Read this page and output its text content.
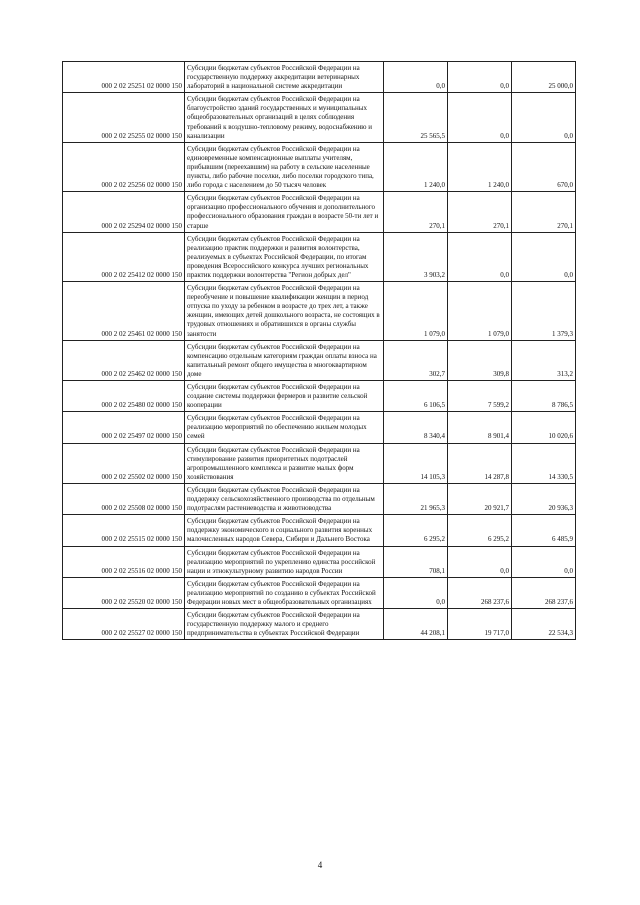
000 2 02 25251 02 0000 150	Субсидии бюджетам субъектов Российской Федерации на государственную поддержку аккредитации ветеринарных лабораторий в национальной системе аккредитации	0,0	0,0	25 000,0
000 2 02 25255 02 0000 150	Субсидии бюджетам субъектов Российской Федерации на благоустройство зданий государственных и муниципальных общеобразовательных организаций в целях соблюдения требований к воздушно-тепловому режиму, водоснабжению и канализации	25 565,5	0,0	0,0
000 2 02 25256 02 0000 150	Субсидии бюджетам субъектов Российской Федерации на единовременные компенсационные выплаты учителям, прибывшим (переехавшим) на работу в сельские населенные пункты, либо рабочие поселки, либо поселки городского типа, либо города с населением до 50 тысяч человек	1 240,0	1 240,0	670,0
000 2 02 25294 02 0000 150	Субсидии бюджетам субъектов Российской Федерации на организацию профессионального обучения и дополнительного профессионального образования граждан в возрасте 50-ти лет и старше	270,1	270,1	270,1
000 2 02 25412 02 0000 150	Субсидии бюджетам субъектов Российской Федерации на реализацию практик поддержки и развития волонтерства, реализуемых в субъектах Российской Федерации, по итогам проведения Всероссийского конкурса лучших региональных практик поддержки волонтерства "Регион добрых дел"	3 903,2	0,0	0,0
000 2 02 25461 02 0000 150	Субсидии бюджетам субъектов Российской Федерации на переобучение и повышение квалификации женщин в период отпуска по уходу за ребенком в возрасте до трех лет, а также женщин, имеющих детей дошкольного возраста, не состоящих в трудовых отношениях и обратившихся в органы службы занятости	1 079,0	1 079,0	1 379,3
000 2 02 25462 02 0000 150	Субсидии бюджетам субъектов Российской Федерации на компенсацию отдельным категориям граждан оплаты взноса на капитальный ремонт общего имущества в многоквартирном доме	302,7	309,8	313,2
000 2 02 25480 02 0000 150	Субсидии бюджетам субъектов Российской Федерации на создание системы поддержки фермеров и развитие сельской кооперации	6 106,5	7 599,2	8 786,5
000 2 02 25497 02 0000 150	Субсидии бюджетам субъектов Российской Федерации на реализацию мероприятий по обеспечению жильем молодых семей	8 340,4	8 901,4	10 020,6
000 2 02 25502 02 0000 150	Субсидии бюджетам субъектов Российской Федерации на стимулирование развития приоритетных подотраслей агропромышленного комплекса и развитие малых форм хозяйствования	14 105,3	14 287,8	14 330,5
000 2 02 25508 02 0000 150	Субсидии бюджетам субъектов Российской Федерации на поддержку сельскохозяйственного производства по отдельным подотраслям растениеводства и животноводства	21 965,3	20 921,7	20 936,3
000 2 02 25515 02 0000 150	Субсидии бюджетам субъектов Российской Федерации на поддержку экономического и социального развития коренных малочисленных народов Севера, Сибири и Дальнего Востока	6 295,2	6 295,2	6 485,9
000 2 02 25516 02 0000 150	Субсидии бюджетам субъектов Российской Федерации на реализацию мероприятий по укреплению единства российской нации и этнокультурному развитию народов России	708,1	0,0	0,0
000 2 02 25520 02 0000 150	Субсидии бюджетам субъектов Российской Федерации на реализацию мероприятий по созданию в субъектах Российской Федерации новых мест в общеобразовательных организациях	0,0	268 237,6	268 237,6
000 2 02 25527 02 0000 150	Субсидии бюджетам субъектов Российской Федерации на государственную поддержку малого и среднего предпринимательства в субъектах Российской Федерации	44 208,1	19 717,0	22 534,3
4
